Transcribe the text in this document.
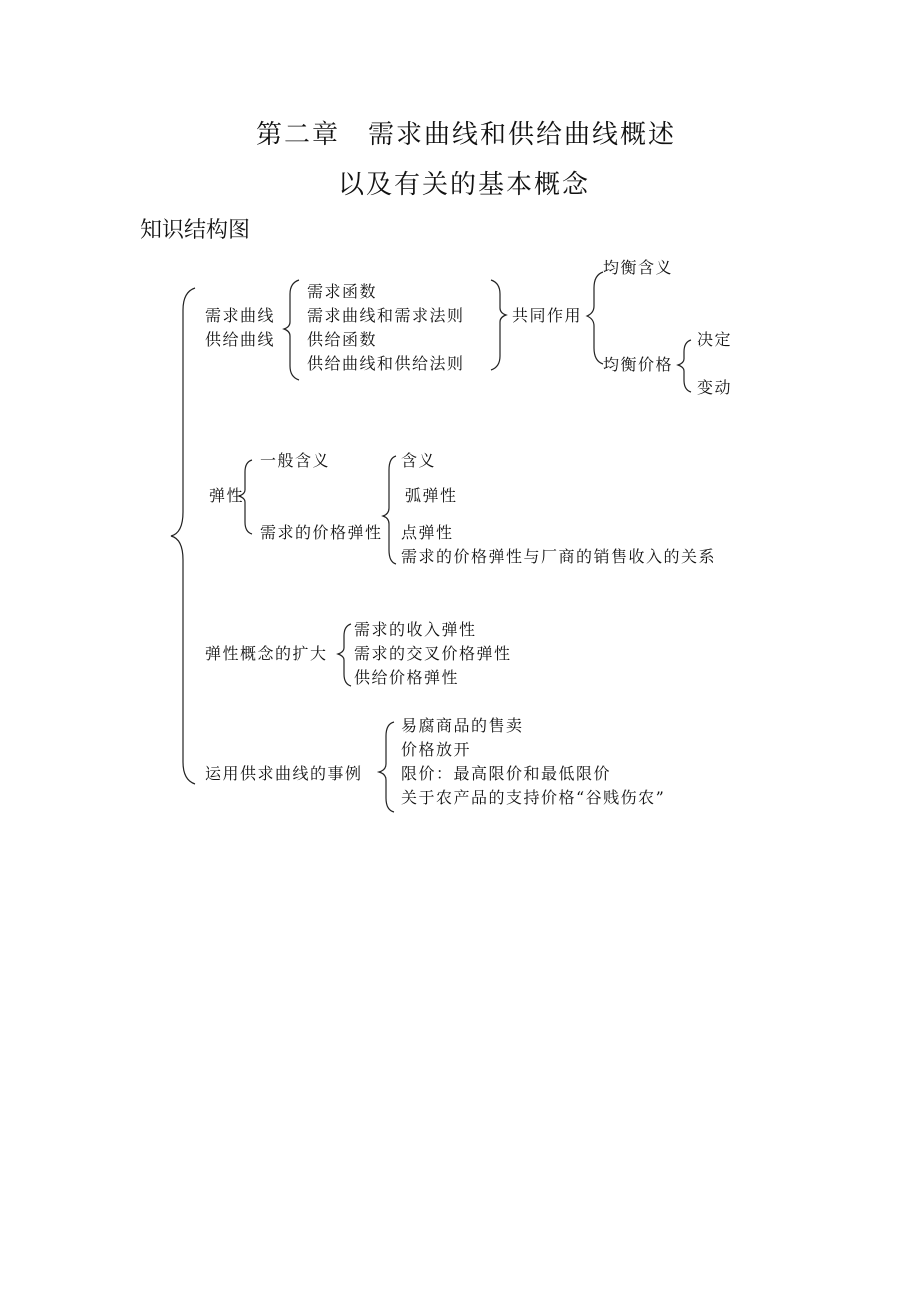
第二章　需求曲线和供给曲线概述
以及有关的基本概念
知识结构图
需求曲线
供给曲线
需求函数
需求曲线和需求法则
供给函数
供给曲线和供给法则
共同作用
均衡含义
均衡价格
决定
变动
弹性
一般含义
需求的价格弹性
含义
弧弹性
点弹性
需求的价格弹性与厂商的销售收入的关系
弹性概念的扩大
需求的收入弹性
需求的交叉价格弹性
供给价格弹性
运用供求曲线的事例
易腐商品的售卖
价格放开
限价：最高限价和最低限价
关于农产品的支持价格“谷贱伤农”
